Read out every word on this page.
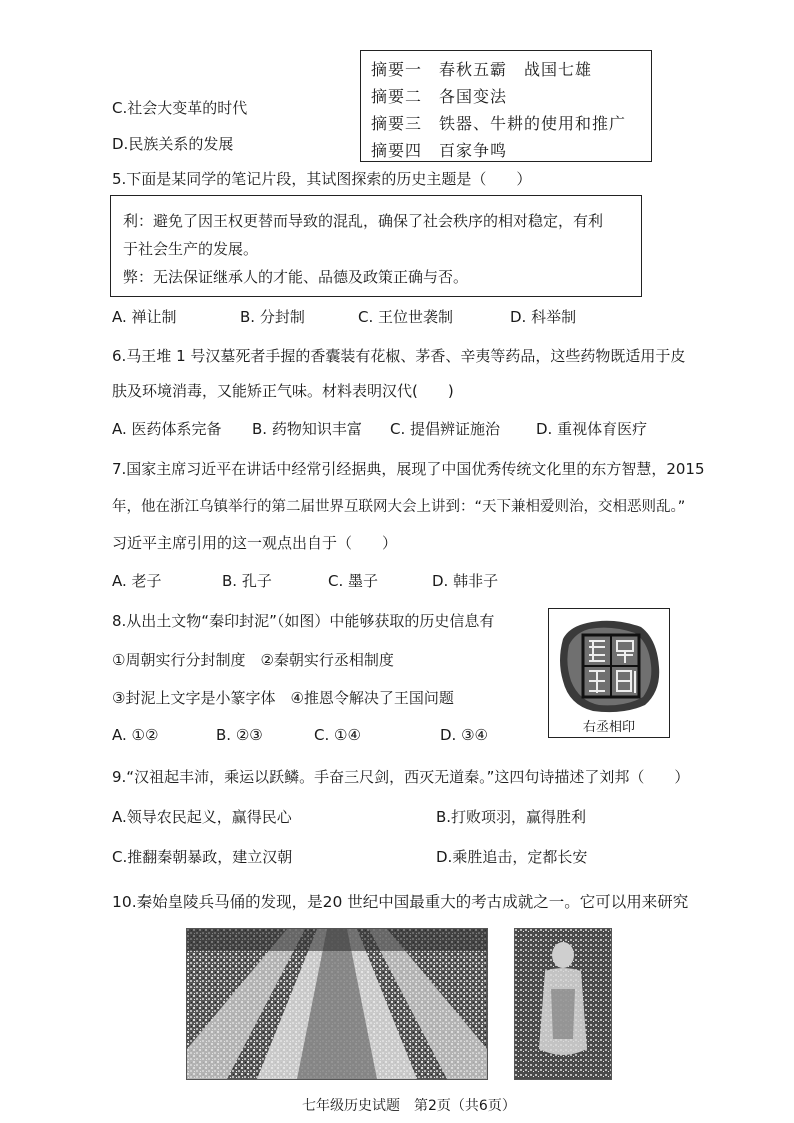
C.社会大变革的时代
D.民族关系的发展
摘要一 春秋五霸　战国七雄
摘要二 各国变法
摘要三 铁器、牛耕的使用和推广
摘要四 百家争鸣
5.下面是某同学的笔记片段，其试图探索的历史主题是（　　）
利：避免了因王权更替而导致的混乱，确保了社会秩序的相对稳定，有利
于社会生产的发展。
弊：无法保证继承人的才能、品德及政策正确与否。
A. 禅让制	B. 分封制	C. 王位世袭制	D. 科举制
6.马王堆 1 号汉墓死者手握的香囊装有花椒、茅香、辛夷等药品，这些药物既适用于皮
肤及环境消毒，又能矫正气味。材料表明汉代(　　)
A. 医药体系完备 B. 药物知识丰富 C. 提倡辨证施治 D. 重视体育医疗
7.国家主席习近平在讲话中经常引经据典，展现了中国优秀传统文化里的东方智慧，2015
年，他在浙江乌镇举行的第二届世界互联网大会上讲到：“天下兼相爱则治，交相恶则乱。”
习近平主席引用的这一观点出自于（　　）
A. 老子	B. 孔子	C. 墨子	D. 韩非子
8.从出土文物“秦印封泥”（如图）中能够获取的历史信息有
①周朝实行分封制度　②秦朝实行丞相制度
③封泥上文字是小篆字体　④推恩令解决了王国问题
A. ①②	B. ②③	C. ①④	D. ③④	右丞相印
9.“汉祖起丰沛，乘运以跃鳞。手奋三尺剑，西灭无道秦。”这四句诗描述了刘邦（　　）
A.领导农民起义，赢得民心	B.打败项羽，赢得胜利
C.推翻秦朝暴政，建立汉朝	D.乘胜追击，定都长安
10.秦始皇陵兵马俑的发现，是20 世纪中国最重大的考古成就之一。它可以用来研究
七年级历史试题　第2页（共6页）
